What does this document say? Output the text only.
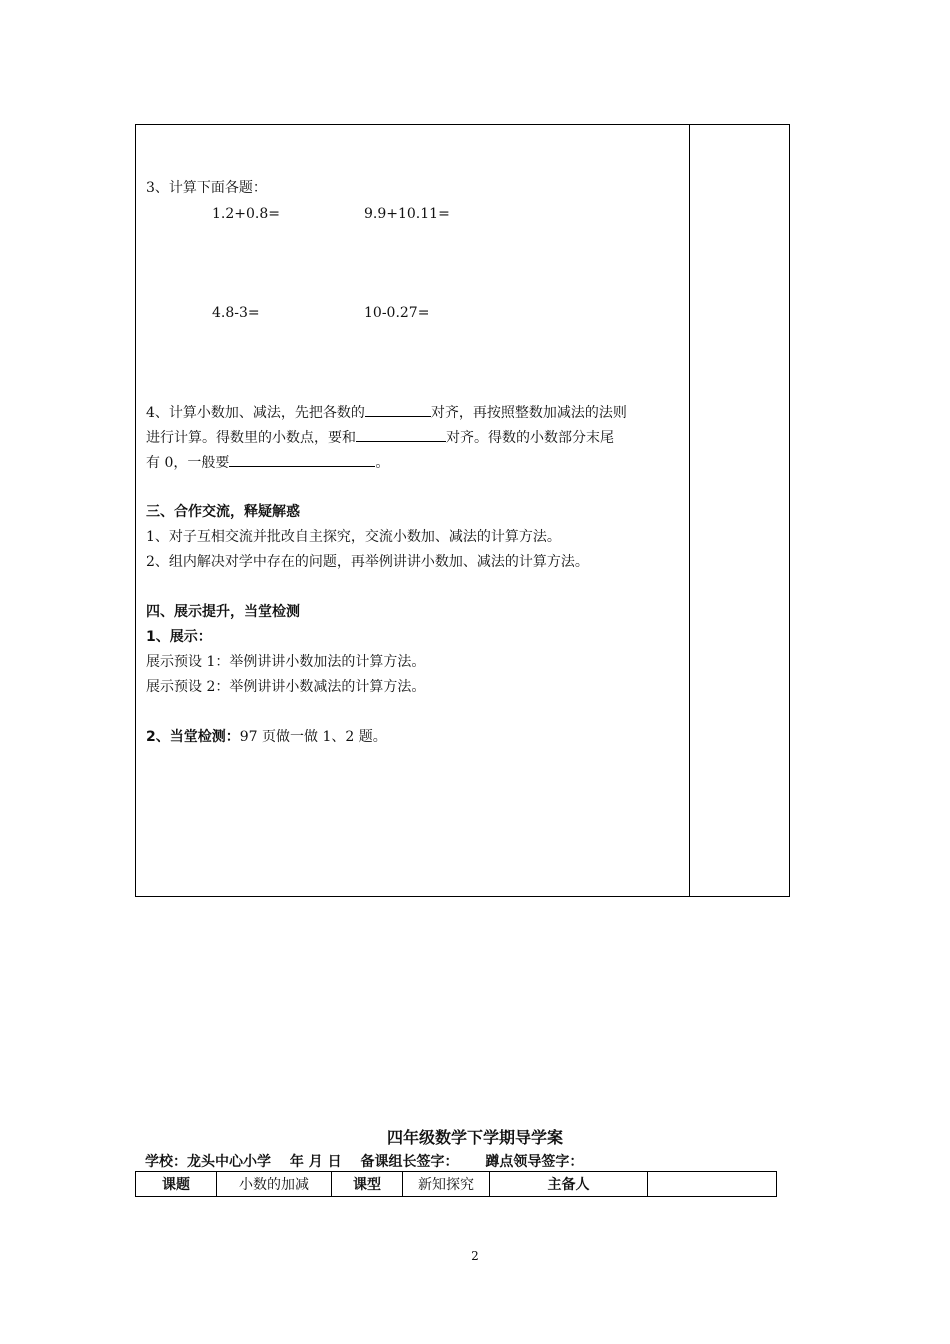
3、计算下面各题：
1.2+0.8=	9.9+10.11=
4.8-3=	10-0.27=
4、计算小数加、减法，先把各数的	对齐，再按照整数加减法的法则
进行计算。得数里的小数点，要和	对齐。得数的小数部分末尾
有 0，一般要	。
三、合作交流，释疑解惑
1、对子互相交流并批改自主探究，交流小数加、减法的计算方法。
2、组内解决对学中存在的问题，再举例讲讲小数加、减法的计算方法。
四、展示提升，当堂检测
1、展示：
展示预设 1：举例讲讲小数加法的计算方法。
展示预设 2：举例讲讲小数减法的计算方法。
2、当堂检测：97 页做一做 1、2 题。
四年级数学下学期导学案
学校：龙头中心小学 年 月 日 备课组长签字： 蹲点领导签字：
课题	小数的加减	课型	新知探究	主备人	
2
